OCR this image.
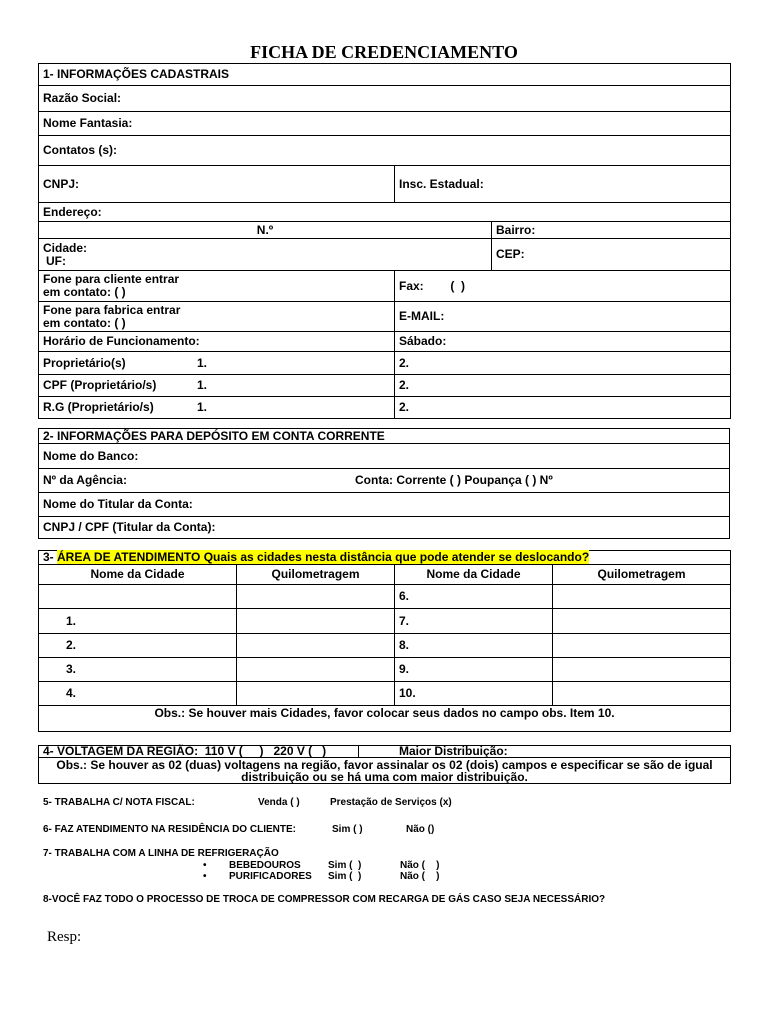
FICHA DE CREDENCIAMENTO
1- INFORMAÇÕES CADASTRAIS		
Razão Social:		
Nome Fantasia:		
Contatos (s):		
CNPJ:	Insc. Estadual:	
Endereço:		
N.º		Bairro:

Cidade:
UF:		CEP:

Fone para cliente entrar
em contato: ( )	Fax:        (  )	

Fone para fabrica entrar
em contato: ( )	E-MAIL:	
Horário de Funcionamento:	Sábado:	
Proprietário(s) 1.	2.	
CPF (Proprietário/s) 1.	2.	
R.G (Proprietário/s) 1.	2.	
2- INFORMAÇÕES PARA DEPÓSITO EM CONTA CORRENTE
Nome do Banco:
Nº da Agência:	Conta: Corrente ( ) Poupança ( ) Nº
Nome do Titular da Conta:
CNPJ / CPF (Titular da Conta):
3- ÁREA DE ATENDIMENTO Quais as cidades nesta distância que pode atender se deslocando?			
Nome da Cidade	Quilometragem	Nome da Cidade	Quilometragem
		6.	
1.		7.	
2.		8.	
3.		9.	
4.		10.	
Obs.: Se houver mais Cidades, favor colocar seus dados no campo obs. Item 10.			
4- VOLTAGEM DA REGIÃO:  110 V (     )   220 V (   )	Maior Distribuição:

Obs.: Se houver as 02 (duas) voltagens na região, favor assinalar os 02 (dois) campos e especificar se são de igual
distribuição ou se há uma com maior distribuição.
5- TRABALHA C/ NOTA FISCAL:	Venda ( )	Prestação de Serviços (x)
6- FAZ ATENDIMENTO NA RESIDÊNCIA DO CLIENTE:	Sim ( )	Não ()
7- TRABALHA COM A LINHA DE REFRIGERAÇÃO
• BEBEDOUROS	Sim (  )	Não (    )
• PURIFICADORES Sim (  )	Não (    )
8-VOCÊ FAZ TODO O PROCESSO DE TROCA DE COMPRESSOR COM RECARGA DE GÁS CASO SEJA NECESSÁRIO?
Resp:
